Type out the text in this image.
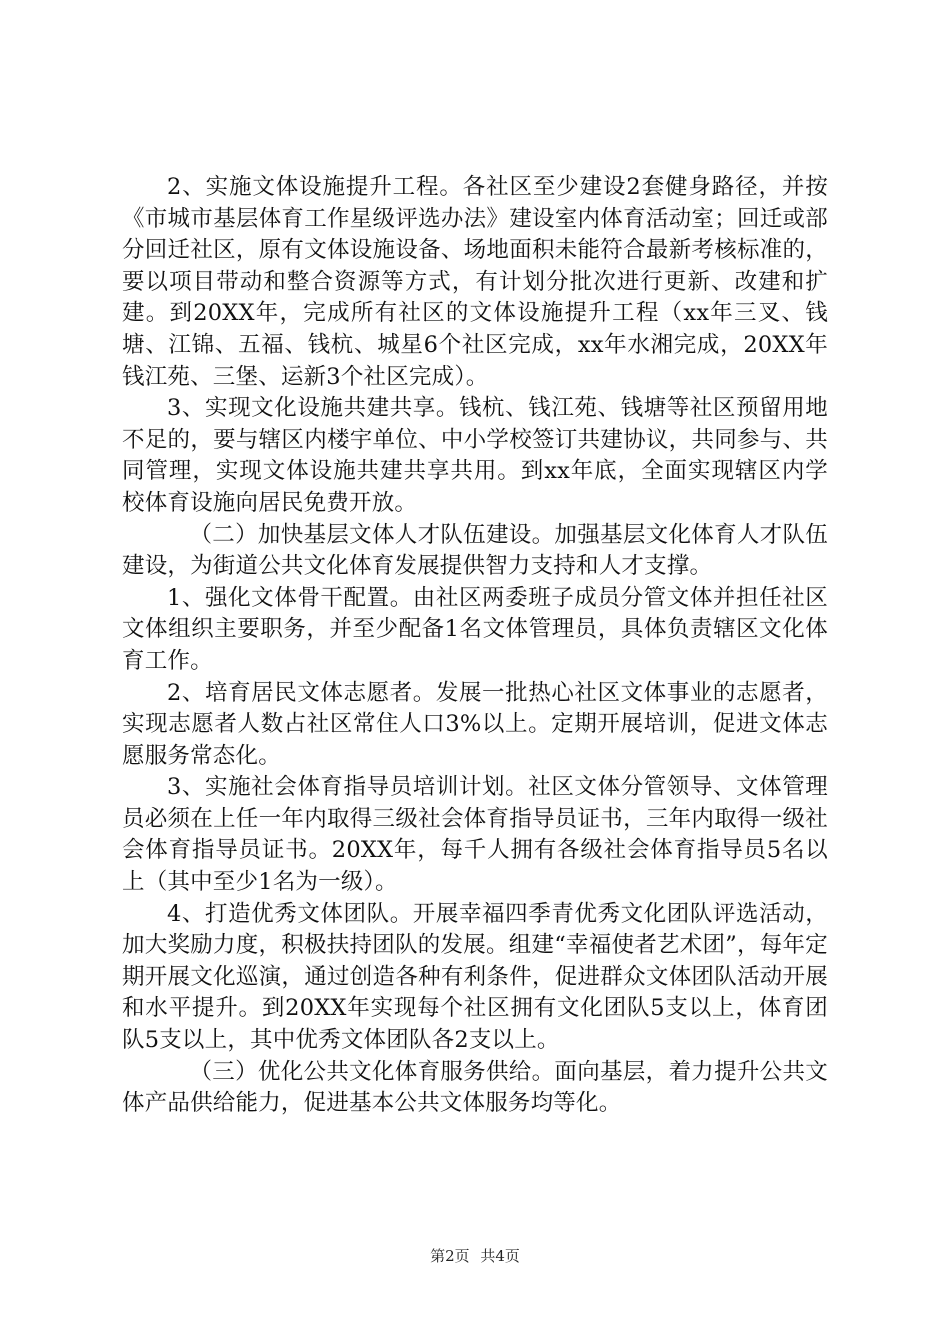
2、实施文体设施提升工程。各社区至少建设2套健身路径，并按《市城市基层体育工作星级评选办法》建设室内体育活动室；回迁或部分回迁社区，原有文体设施设备、场地面积未能符合最新考核标准的，要以项目带动和整合资源等方式，有计划分批次进行更新、改建和扩建。到20XX年，完成所有社区的文体设施提升工程（xx年三叉、钱塘、江锦、五福、钱杭、城星6个社区完成，xx年水湘完成，20XX年钱江苑、三堡、运新3个社区完成）。

3、实现文化设施共建共享。钱杭、钱江苑、钱塘等社区预留用地不足的，要与辖区内楼宇单位、中小学校签订共建协议，共同参与、共同管理，实现文体设施共建共享共用。到xx年底，全面实现辖区内学校体育设施向居民免费开放。

（二）加快基层文体人才队伍建设。加强基层文化体育人才队伍建设，为街道公共文化体育发展提供智力支持和人才支撑。

1、强化文体骨干配置。由社区两委班子成员分管文体并担任社区文体组织主要职务，并至少配备1名文体管理员，具体负责辖区文化体育工作。

2、培育居民文体志愿者。发展一批热心社区文体事业的志愿者，实现志愿者人数占社区常住人口3%以上。定期开展培训，促进文体志愿服务常态化。

3、实施社会体育指导员培训计划。社区文体分管领导、文体管理员必须在上任一年内取得三级社会体育指导员证书，三年内取得一级社会体育指导员证书。20XX年，每千人拥有各级社会体育指导员5名以上（其中至少1名为一级）。

4、打造优秀文体团队。开展幸福四季青优秀文化团队评选活动，加大奖励力度，积极扶持团队的发展。组建“幸福使者艺术团”，每年定期开展文化巡演，通过创造各种有利条件，促进群众文体团队活动开展和水平提升。到20XX年实现每个社区拥有文化团队5支以上，体育团队5支以上，其中优秀文体团队各2支以上。

（三）优化公共文化体育服务供给。面向基层，着力提升公共文体产品供给能力，促进基本公共文体服务均等化。

第2页 共4页
